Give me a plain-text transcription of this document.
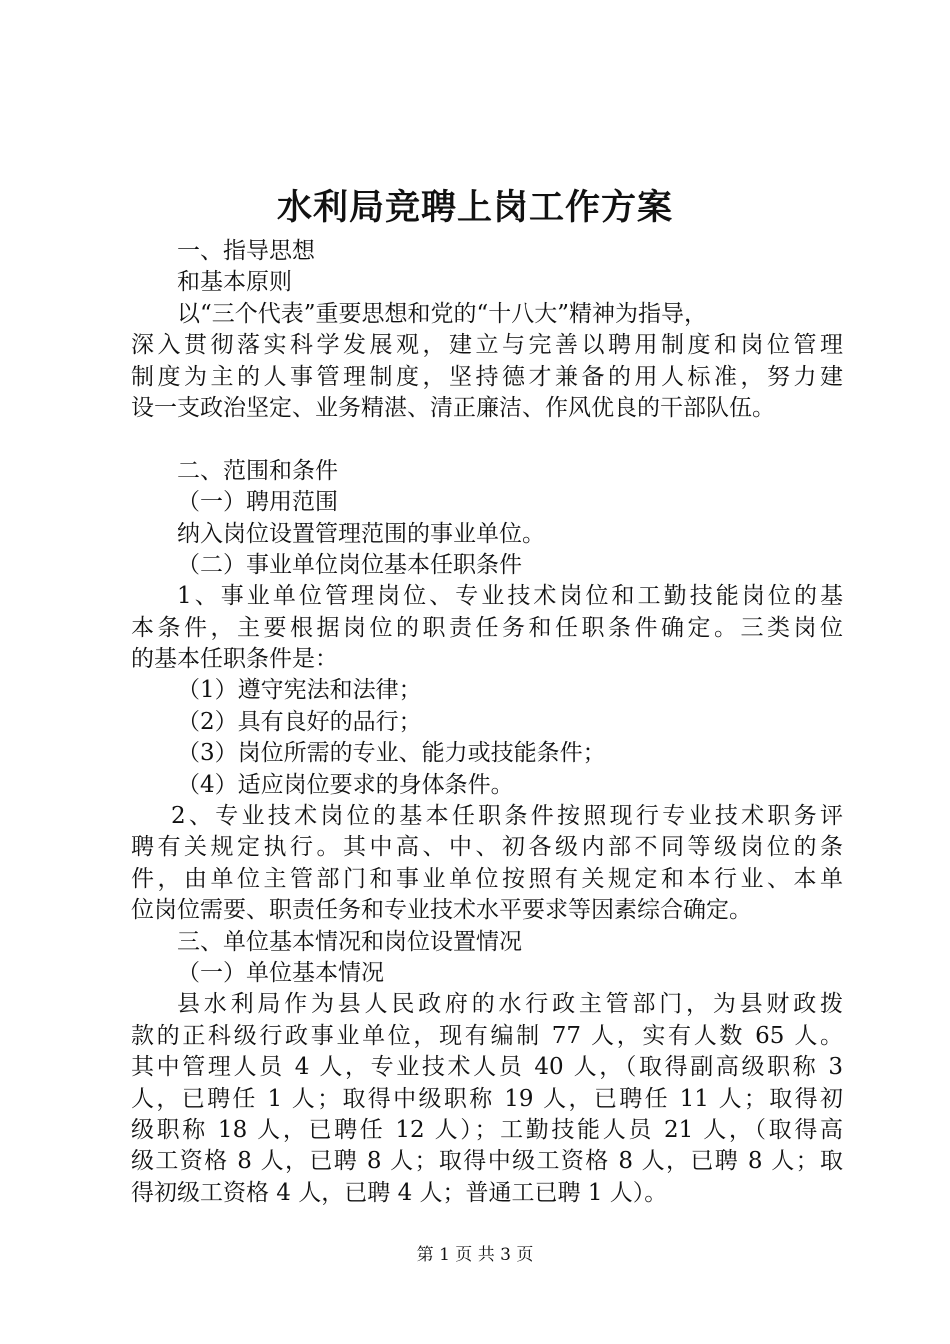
水利局竞聘上岗工作方案
一、指导思想
和基本原则
以“三个代表”重要思想和党的“十八大”精神为指导，
深入贯彻落实科学发展观，建立与完善以聘用制度和岗位管理
制度为主的人事管理制度，坚持德才兼备的用人标准，努力建
设一支政治坚定、业务精湛、清正廉洁、作风优良的干部队伍。
二、范围和条件
（一）聘用范围
纳入岗位设置管理范围的事业单位。
（二）事业单位岗位基本任职条件
1、事业单位管理岗位、专业技术岗位和工勤技能岗位的基
本条件，主要根据岗位的职责任务和任职条件确定。三类岗位
的基本任职条件是：
（1）遵守宪法和法律；
（2）具有良好的品行；
（3）岗位所需的专业、能力或技能条件；
（4）适应岗位要求的身体条件。
2、专业技术岗位的基本任职条件按照现行专业技术职务评
聘有关规定执行。其中高、中、初各级内部不同等级岗位的条
件，由单位主管部门和事业单位按照有关规定和本行业、本单
位岗位需要、职责任务和专业技术水平要求等因素综合确定。
三、单位基本情况和岗位设置情况
（一）单位基本情况
县水利局作为县人民政府的水行政主管部门，为县财政拨
款的正科级行政事业单位，现有编制 77 人，实有人数 65 人。
其中管理人员 4 人，专业技术人员 40 人，（取得副高级职称 3
人，已聘任 1 人；取得中级职称 19 人，已聘任 11 人；取得初
级职称 18 人，已聘任 12 人）；工勤技能人员 21 人，（取得高
级工资格 8 人，已聘 8 人；取得中级工资格 8 人，已聘 8 人；取
得初级工资格 4 人，已聘 4 人；普通工已聘 1 人）。
第 1 页 共 3 页
